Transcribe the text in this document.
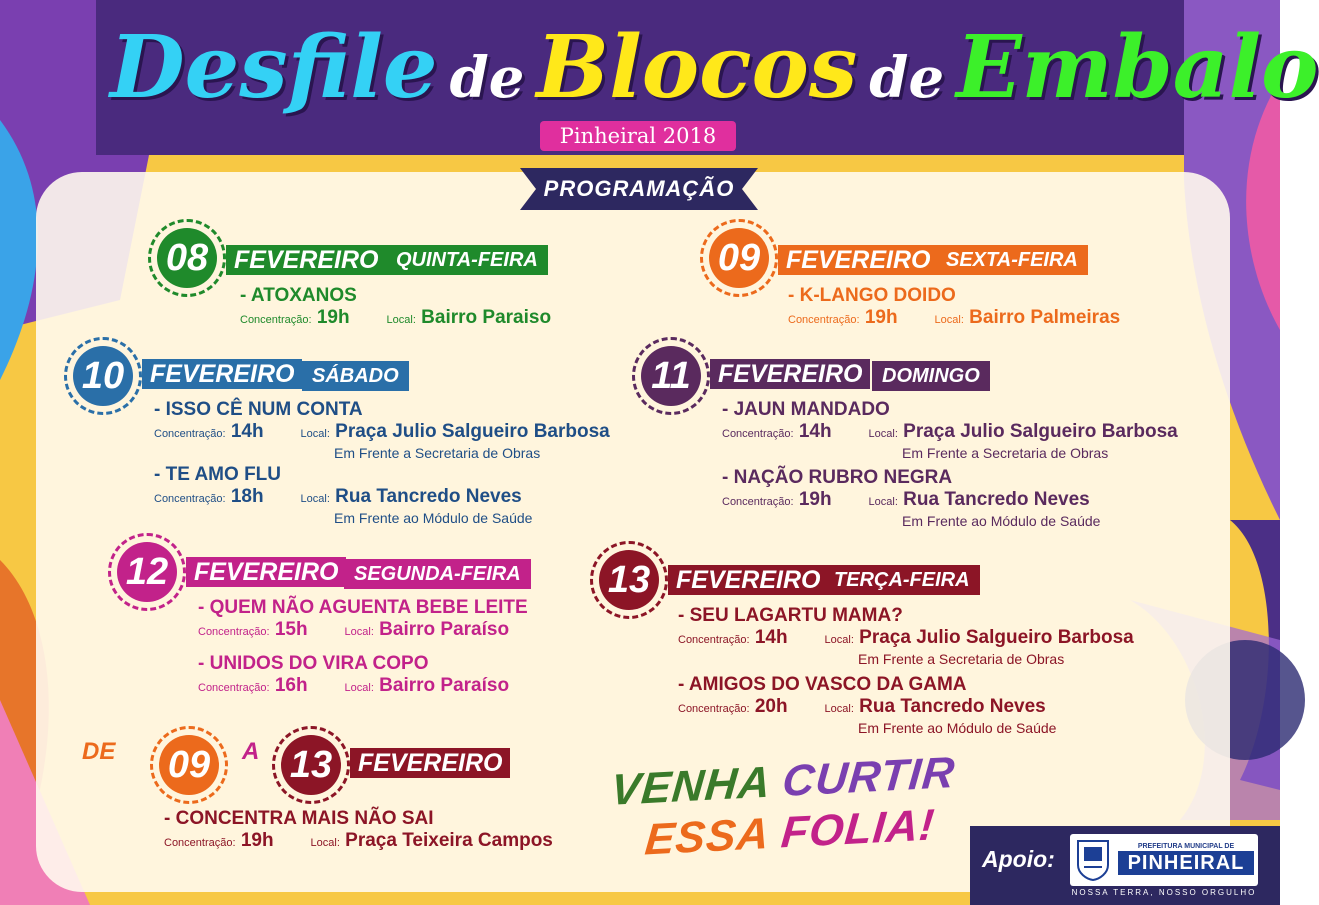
Desfile de Blocos de Embalo
Pinheiral 2018
PROGRAMAÇÃO
08	FEVEREIRO QUINTA-FEIRA
- ATOXANOS
Concentração: 19h	Local: Bairro Paraiso
09	FEVEREIRO SEXTA-FEIRA
- K-LANGO DOIDO
Concentração: 19h	Local: Bairro Palmeiras
10	FEVEREIRO SÁBADO
- ISSO CÊ NUM CONTA
Concentração: 14h	Local: Praça Julio Salgueiro Barbosa
Em Frente a Secretaria de Obras
- TE AMO FLU
Concentração: 18h	Local: Rua Tancredo Neves
Em Frente ao Módulo de Saúde
11	FEVEREIRO DOMINGO
- JAUN MANDADO
Concentração: 14h	Local: Praça Julio Salgueiro Barbosa
Em Frente a Secretaria de Obras
- NAÇÃO RUBRO NEGRA
Concentração: 19h	Local: Rua Tancredo Neves
Em Frente ao Módulo de Saúde
12	FEVEREIRO SEGUNDA-FEIRA
- QUEM NÃO AGUENTA BEBE LEITE
Concentração: 15h	Local: Bairro Paraíso
- UNIDOS DO VIRA COPO
Concentração: 16h	Local: Bairro Paraíso
13	FEVEREIRO TERÇA-FEIRA
- SEU LAGARTU MAMA?
Concentração: 14h	Local: Praça Julio Salgueiro Barbosa
Em Frente a Secretaria de Obras
- AMIGOS DO VASCO DA GAMA
Concentração: 20h	Local: Rua Tancredo Neves
Em Frente ao Módulo de Saúde
DE 09	A 13	FEVEREIRO
- CONCENTRA MAIS NÃO SAI
Concentração: 19h	Local: Praça Teixeira Campos
VENHA CURTIR
ESSA FOLIA!
Apoio:	PREFEITURA MUNICIPAL DE
PINHEIRAL
NOSSA TERRA, NOSSO ORGULHO
